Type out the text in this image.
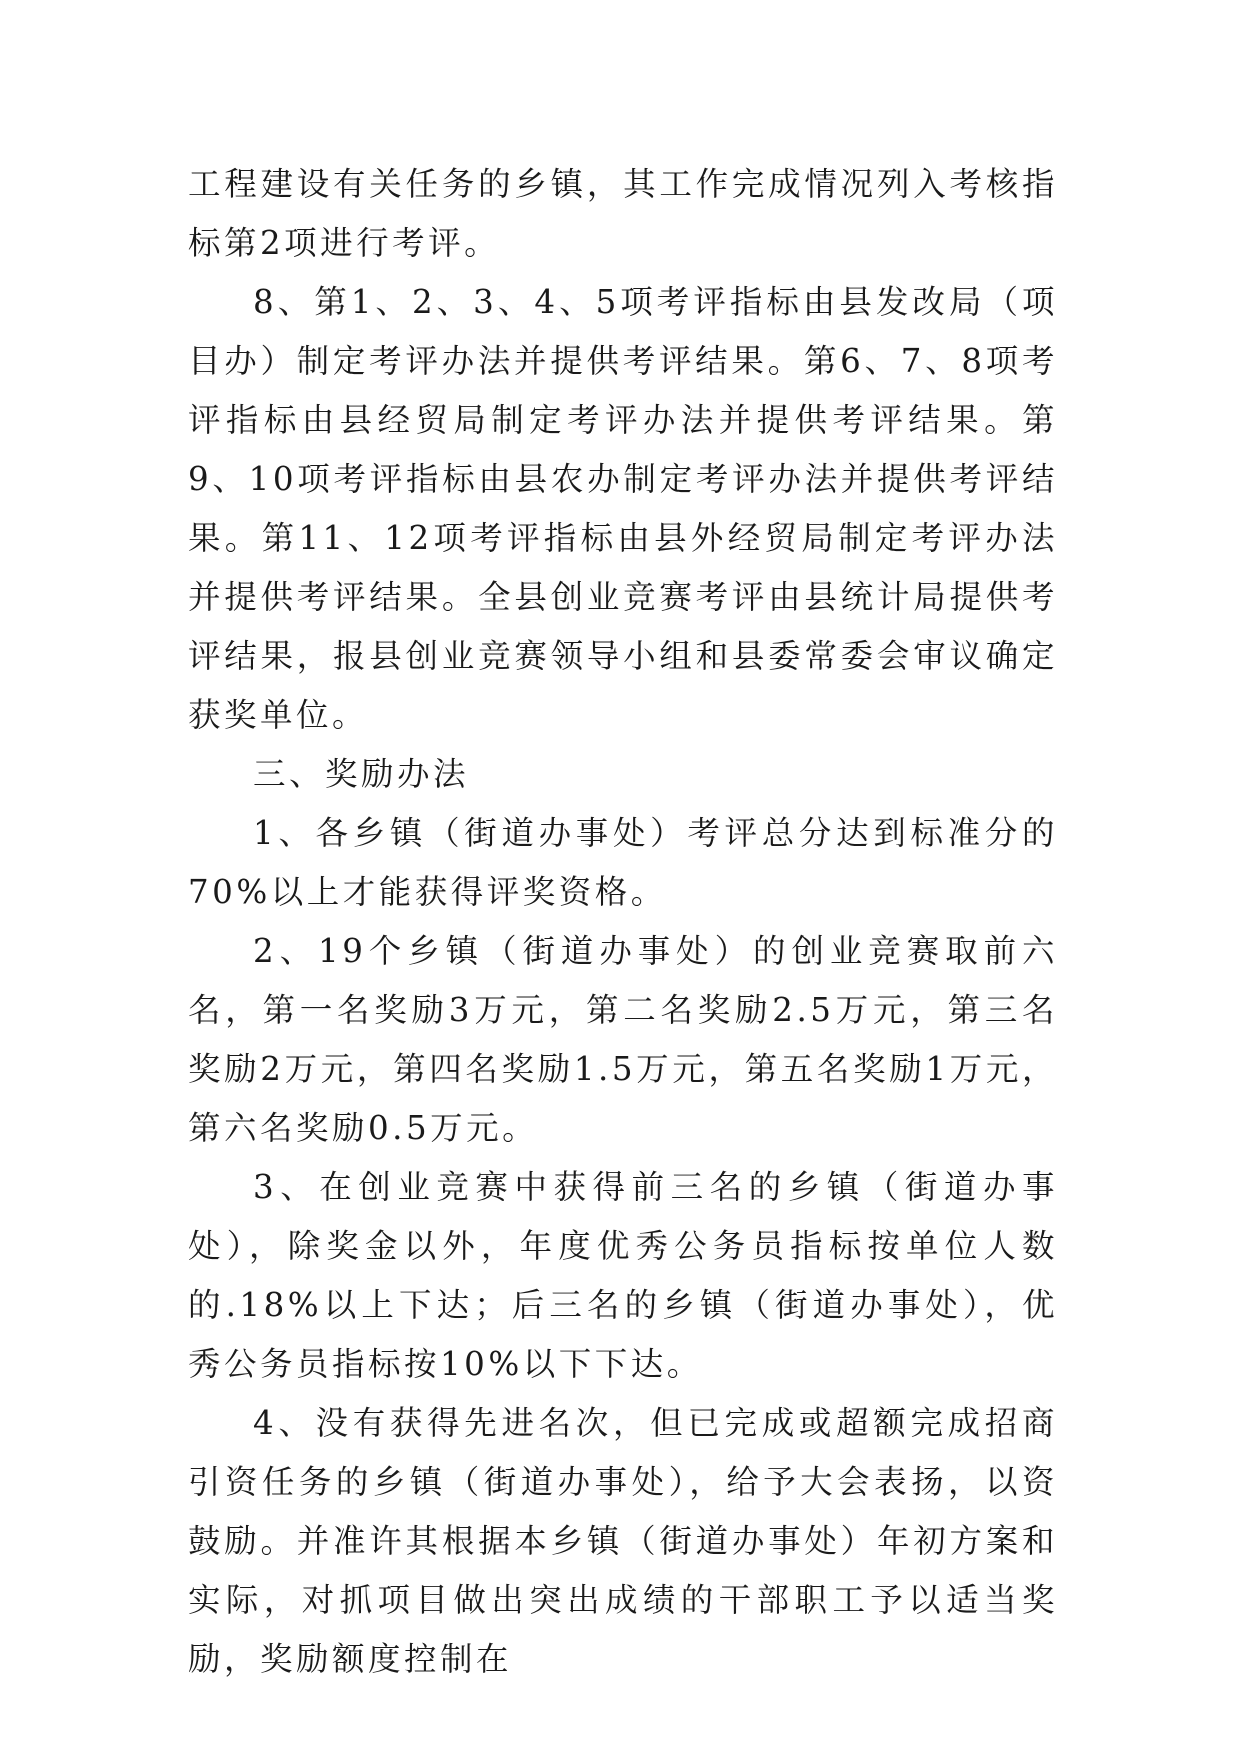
工程建设有关任务的乡镇，其工作完成情况列入考核指标第2项进行考评。

8、第1、2、3、4、5项考评指标由县发改局（项目办）制定考评办法并提供考评结果。第6、7、8项考评指标由县经贸局制定考评办法并提供考评结果。第9、10项考评指标由县农办制定考评办法并提供考评结果。第11、12项考评指标由县外经贸局制定考评办法并提供考评结果。全县创业竞赛考评由县统计局提供考评结果，报县创业竞赛领导小组和县委常委会审议确定获奖单位。

三、奖励办法

1、各乡镇（街道办事处）考评总分达到标准分的70%以上才能获得评奖资格。

2、19个乡镇（街道办事处）的创业竞赛取前六名，第一名奖励3万元，第二名奖励2.5万元，第三名奖励2万元，第四名奖励1.5万元，第五名奖励1万元，第六名奖励0.5万元。

3、在创业竞赛中获得前三名的乡镇（街道办事处），除奖金以外，年度优秀公务员指标按单位人数的.18%以上下达；后三名的乡镇（街道办事处），优秀公务员指标按10%以下下达。

4、没有获得先进名次，但已完成或超额完成招商引资任务的乡镇（街道办事处），给予大会表扬，以资鼓励。并准许其根据本乡镇（街道办事处）年初方案和实际，对抓项目做出突出成绩的干部职工予以适当奖励，奖励额度控制在
